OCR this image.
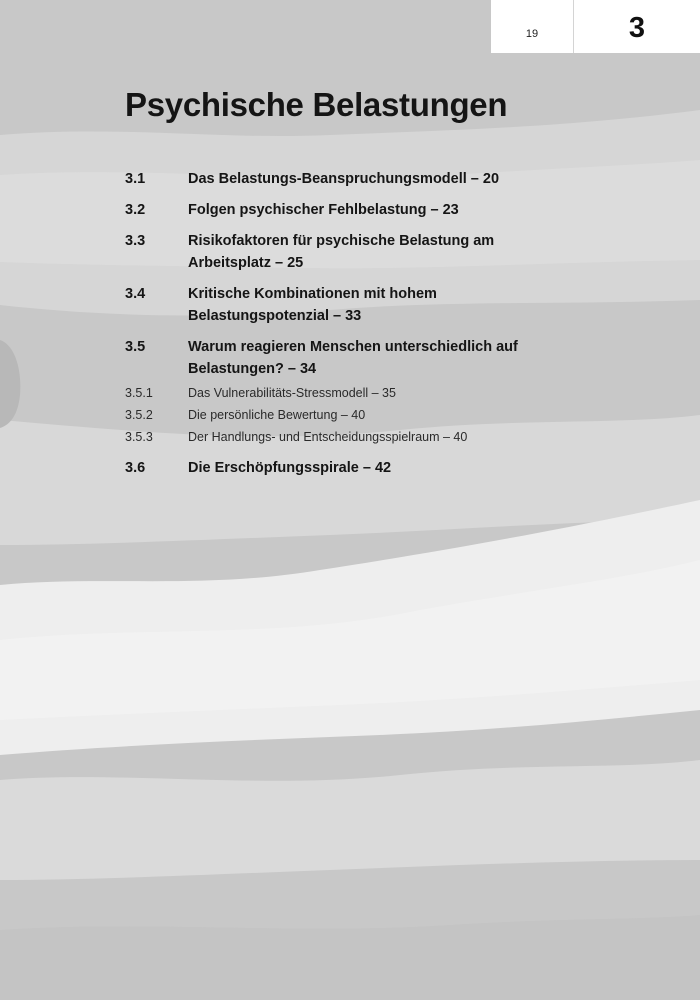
19	3
Psychische Belastungen
3.1	Das Belastungs-Beanspruchungsmodell – 20
3.2	Folgen psychischer Fehlbelastung – 23
3.3	Risikofaktoren für psychische Belastung am Arbeitsplatz – 25
3.4	Kritische Kombinationen mit hohem Belastungspotenzial – 33
3.5	Warum reagieren Menschen unterschiedlich auf Belastungen? – 34
3.5.1	Das Vulnerabilitäts-Stressmodell – 35
3.5.2	Die persönliche Bewertung – 40
3.5.3	Der Handlungs- und Entscheidungsspielraum – 40
3.6	Die Erschöpfungsspirale – 42
